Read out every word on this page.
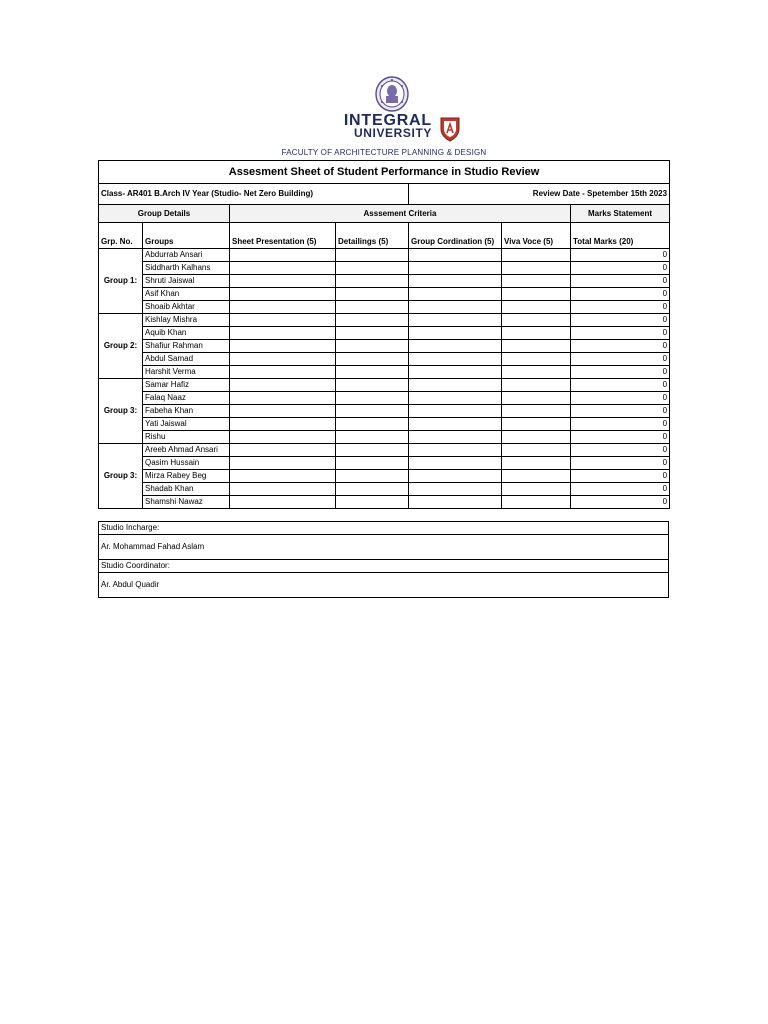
INTEGRAL
UNIVERSITY
FACULTY OF ARCHITECTURE PLANNING & DESIGN
Assesment Sheet of Student Performance in Studio Review						
Class- AR401 B.Arch IV Year (Studio- Net Zero Building)				Review Date - Spetember 15th 2023		
Group Details		Asssement Criteria				Marks Statement
Grp. No.	Groups	Sheet Presentation (5)	Detailings (5)	Group Cordination (5)	Viva Voce (5)	Total Marks (20)
Group 1:	Abdurrab Ansari					0
	Siddharth Kalhans					0
	Shruti Jaiswal					0
	Asif Khan					0
	Shoaib Akhtar					0
Group 2:	Kishlay Mishra					0
	Aquib Khan					0
	Shafiur Rahman					0
	Abdul Samad					0
	Harshit Verma					0
Group 3:	Samar Hafiz					0
	Falaq Naaz					0
	Fabeha Khan					0
	Yati Jaiswal					0
	Rishu					0
Group 3:	Areeb Ahmad Ansari					0
	Qasim Hussain					0
	Mirza Rabey Beg					0
	Shadab Khan					0
	Shamshi Nawaz					0
Studio Incharge:
Ar. Mohammad Fahad Aslam
Studio Coordinator:
Ar. Abdul Quadir
